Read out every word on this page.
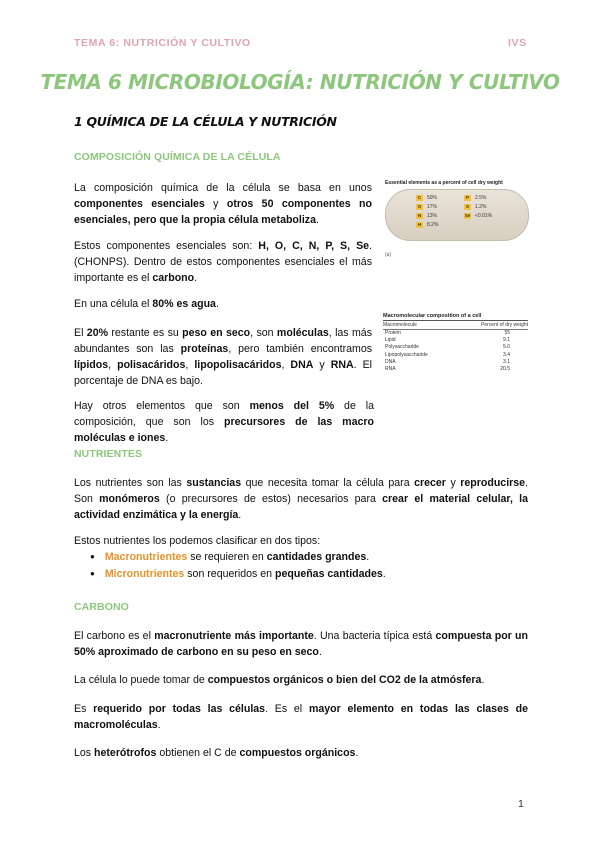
TEMA 6: NUTRICIÓN Y CULTIVO	IVS
TEMA 6 MICROBIOLOGÍA: NUTRICIÓN Y CULTIVO
1 QUÍMICA DE LA CÉLULA Y NUTRICIÓN
COMPOSICIÓN QUÍMICA DE LA CÉLULA

La composición química de la célula se basa en unos componentes esenciales y otros 50 componentes no esenciales, pero que la propia célula metaboliza.

Estos componentes esenciales son: H, O, C, N, P, S, Se. (CHONPS). Dentro de estos componentes esenciales el más importante es el carbono.

En una célula el 80% es agua.

El 20% restante es su peso en seco, son moléculas, las más abundantes son las proteínas, pero también encontramos lípidos, polisacáridos, lipopolisacáridos, DNA y RNA. El porcentaje de DNA es bajo.

Hay otros elementos que son menos del 5% de la composición, que son los precursores de las macro moléculas e iones.

Essential elements as a percent of cell dry weight
C	50%
O	17%
N	13%
H	8.2%
P	2.5%
S	1.2%
Se <0.01%
(a)
Macromolecular composition of a cell
Macromolecule	Percent of dry weight
Protein	55
Lipid	9.1
Polysaccharide	5.0
Lipopolysaccharide	3.4
DNA	3.1
RNA	20.5
NUTRIENTES

Los nutrientes son las sustancias que necesita tomar la célula para crecer y reproducirse. Son monómeros (o precursores de estos) necesarios para crear el material celular, la actividad enzimática y la energía.

Estos nutrientes los podemos clasificar en dos tipos:

● Macronutrientes se requieren en cantidades grandes.
● Micronutrientes son requeridos en pequeñas cantidades.
CARBONO

El carbono es el macronutriente más importante. Una bacteria típica está compuesta por un 50% aproximado de carbono en su peso en seco.

La célula lo puede tomar de compuestos orgánicos o bien del CO2 de la atmósfera.

Es requerido por todas las células. Es el mayor elemento en todas las clases de macromoléculas.

Los heterótrofos obtienen el C de compuestos orgánicos.

1
